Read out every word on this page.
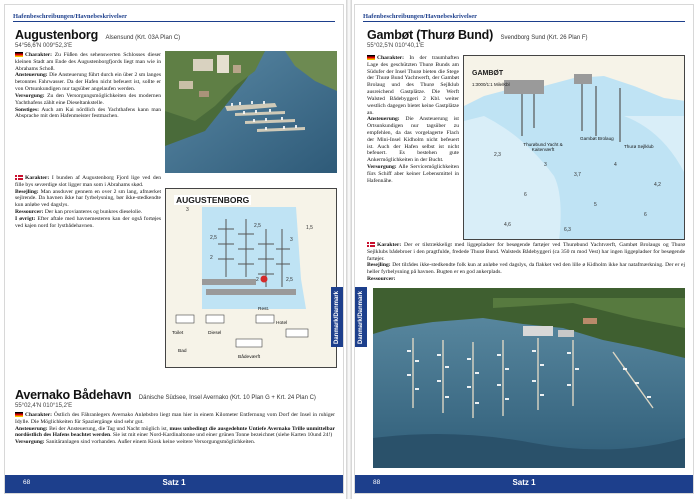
Hafenbeschreibungen/Havnebeskrivelser
Augustenborg Alsensund (Krt. 03A Plan C)
54°56,6'N 009°52,3'E
Charakter: Zu Füßen des sehenswerten Schlosses dieser kleinen Stadt am Ende des Augustenborgfjords liegt man wie in Abrahams Schoß.
Ansteuerung: Die Ansteuerung führt durch ein über 2 sm langes betonntes Fahrwasser. Da der Hafen nicht befeuert ist, sollte er von Ortsunkundigen nur tagsüber angelaufen werden.
Versorgung: Zu den Versorgungsmöglichkeiten des modernen Yachthafens zählt eine Dieseltankstelle.
Sonstiges: Auch am Kai nördlich des Yachthafens kann man Absprache mit dem Hafenmeister festmachen.
Karakter: I bunden af Augustenborg Fjord lige ved den fille bys seværdige slot ligger man som i Abrahams skød.
Besejling: Man ansduver gennem en over 2 sm lang, afmærket sejlrende. Da havnen ikke har fyrbelysning, bør ikke-stedkendte kun anløbe ved dagslys.
Ressourcer: Der kan provianteres og bunkres dieselolie.
I øvrigt: Efter aftale med havnemesteren kan der også fortøjes ved kajen nord for lystbådehavnen.
2,5
2
2,5
3
2	2,5
3
1,5
AUGUSTENBORG
Toilet	Diesel
Hotel
Rest.
Bad
Bådeværft
Danmark/Danmark
Avernako Bådehavn Dänische Südsee, Insel Avernako (Krt. 10 Plan G + Krt. 24 Plan C)
55°02,4'N 010°15,2'E
Charakter: Östlich des Fähranlegers Avernako Anløbsbro liegt man hier in einem Kilometer Entfernung vom Dorf der Insel in ruhiger Idylle. Die Möglichkeiten für Spaziergänge sind sehr gut.
Ansteuerung: Bei der Ansteuerung, die Tag und Nacht möglich ist, muss unbedingt die ausgedehnte Untiefe Avernako Trille unmittelbar nordöstlich des Hafens beachtet werden. Sie ist mit einer Nord-Kardinaltonne und einer grünen Tonne bezeichnet (siehe Karten 10und 24!)
Versorgung: Sanitäranlagen sind vorhanden. Außer einem Kiosk keine weitere Versorgungsmöglichkeiten.
68	Satz 1
Hafenbeschreibungen/Havnebeskrivelser
Gambøt (Thurø Bund) Svendborg Sund (Krt. 26 Plan F)
55°02,5'N 010°40,1'E
Charakter: In der traumhaften Lage des geschützten Thurø Bunds am Südufer der Insel Thurø bieten die Stege der Thurø Bund Yachtwerft, der Gambøt Brolaug und des Thurø Sejlklub ausreichend Gastplätze. Die Werft Walsted Bådebyggeri 2 Kbl. weiter westlich dagegen bietet keine Gastplätze an.
Ansteuerung: Die Ansteuerung ist Ortsunkundigen nur tagsüber zu empfehlen, da das vorgelagerte Flach der Mini-Insel Kidholm nicht befeuert ist. Auch der Hafen selbst ist nicht befeuert. Es bestehen gute Ankermöglichkeiten in der Bucht.
Versorgung: Alle Servicemöglichkeiten fürs Schiff aber keiner Lebensmittel in Hafennähe.
2,3
3
3,7
4
4,2
6
5
6
4,6
6,3
GAMBØT
1:3000/1:1 Mile/Kbl
Thurøbund Yacht & Kaiterværft
Gambøt Brolaug
Thurø Sejlklub
Karakter: Der er tilstrækkeligt med liggepladser for besøgende fartøjer ved Thurøbund Yachtværft, Gambøt Brolaugs og Thurø Sejlklubs bådebroer i den pragtfulde, fredede Thurø Bund. Walsteds Bådebyggeri (ca 350 m mod Vest) har ingen liggepladser for besøgende fartøjer.
Besejling: Det tilrådes ikke-stedkendte folk kun at anløbe ved dagslys, da flakket ved den lille ø Kidholm ikke har natafmærkning. Der er ej heller fyrbelysning på havnen. Bugten er en god ankerplads.
Ressourcer:
Danmark/Danmark
88	Satz 1
